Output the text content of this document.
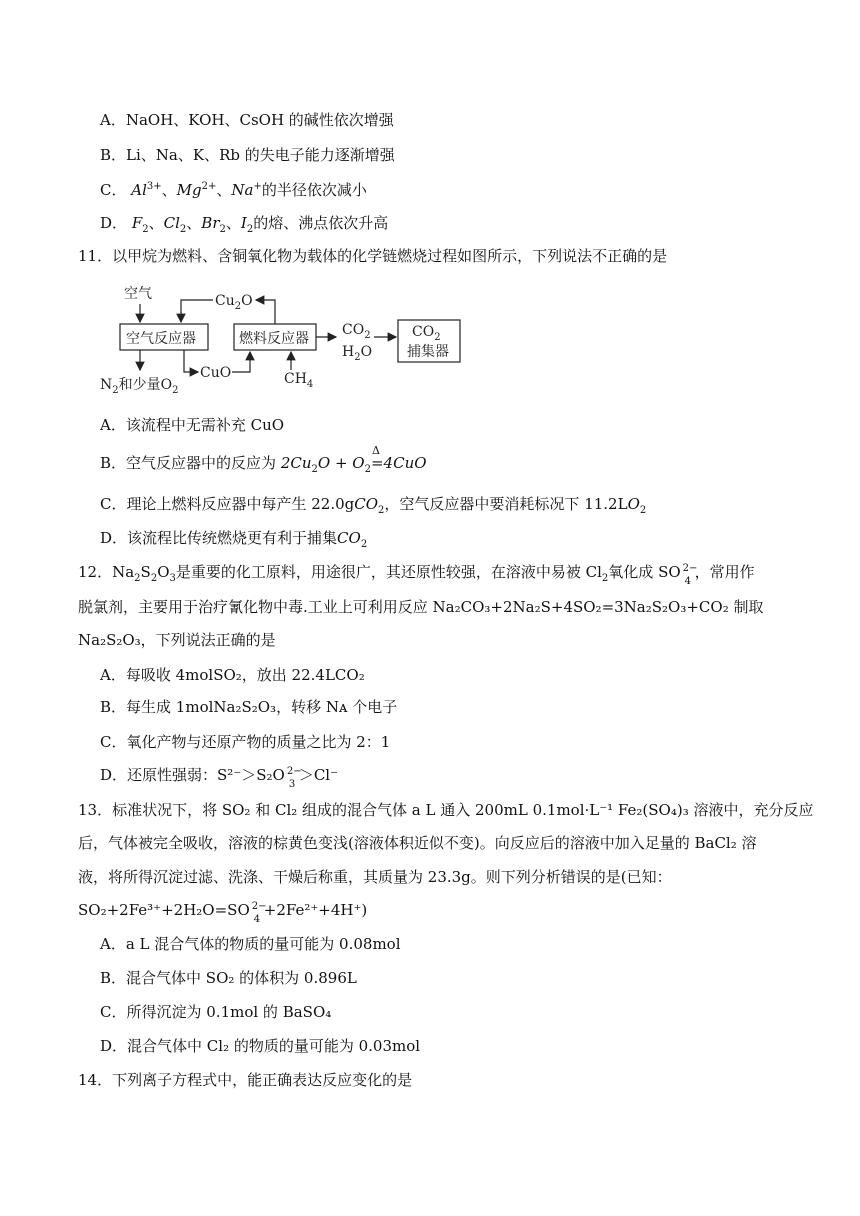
A．NaOH、KOH、CsOH 的碱性依次增强
B．Li、Na、K、Rb 的失电子能力逐渐增强
C． $Al^{3+}$、$Mg^{2+}$、Na+的半径依次减小
D． $F_2$、$Cl_2$、$Br_2$、$I_2$的熔、沸点依次升高
11．以甲烷为燃料、含铜氧化物为载体的化学链燃烧过程如图所示，下列说法不正确的是
空气
空气反应器	燃料反应器
$Cu_2O$
$N_2$和少量$O_2$
CuO	$CH_4$
$CO_2$
$H_2O$
$CO_2$
捕集器
A．该流程中无需补充 CuO
B．空气反应器中的反应为 $2Cu_2O + O_2$
Δ
=4CuO
C．理论上燃料反应器中每产生 22.0gCO$_2$，空气反应器中要消耗标况下 $11.2LO_2$
D．该流程比传统燃烧更有利于捕集$CO_2$
12．$Na_2S_2O_3$是重要的化工原料，用途很广，其还原性较强，在溶液中易被 $Cl_2$氧化成 SO 2−
4
，常用作
脱氯剂，主要用于治疗氰化物中毒.工业上可利用反应 Na₂CO₃+2Na₂S+4SO₂=3Na₂S₂O₃+CO₂ 制取
Na₂S₂O₃，下列说法正确的是
A．每吸收 4molSO₂，放出 22.4LCO₂
B．每生成 1molNa₂S₂O₃，转移 Nᴀ 个电子
C．氧化产物与还原产物的质量之比为 2：1
D．还原性强弱：S²⁻＞S₂O 2−
3
＞Cl⁻
13．标准状况下，将 SO₂ 和 Cl₂ 组成的混合气体 a L 通入 200mL 0.1mol·L⁻¹ Fe₂(SO₄)₃ 溶液中，充分反应
后，气体被完全吸收，溶液的棕黄色变浅(溶液体积近似不变)。向反应后的溶液中加入足量的 BaCl₂ 溶
液，将所得沉淀过滤、洗涤、干燥后称重，其质量为 23.3g。则下列分析错误的是(已知：
SO₂+2Fe³⁺+2H₂O=SO 2−
4
+2Fe²⁺+4H⁺)
A．a L 混合气体的物质的量可能为 0.08mol
B．混合气体中 SO₂ 的体积为 0.896L
C．所得沉淀为 0.1mol 的 BaSO₄
D．混合气体中 Cl₂ 的物质的量可能为 0.03mol
14．下列离子方程式中，能正确表达反应变化的是
